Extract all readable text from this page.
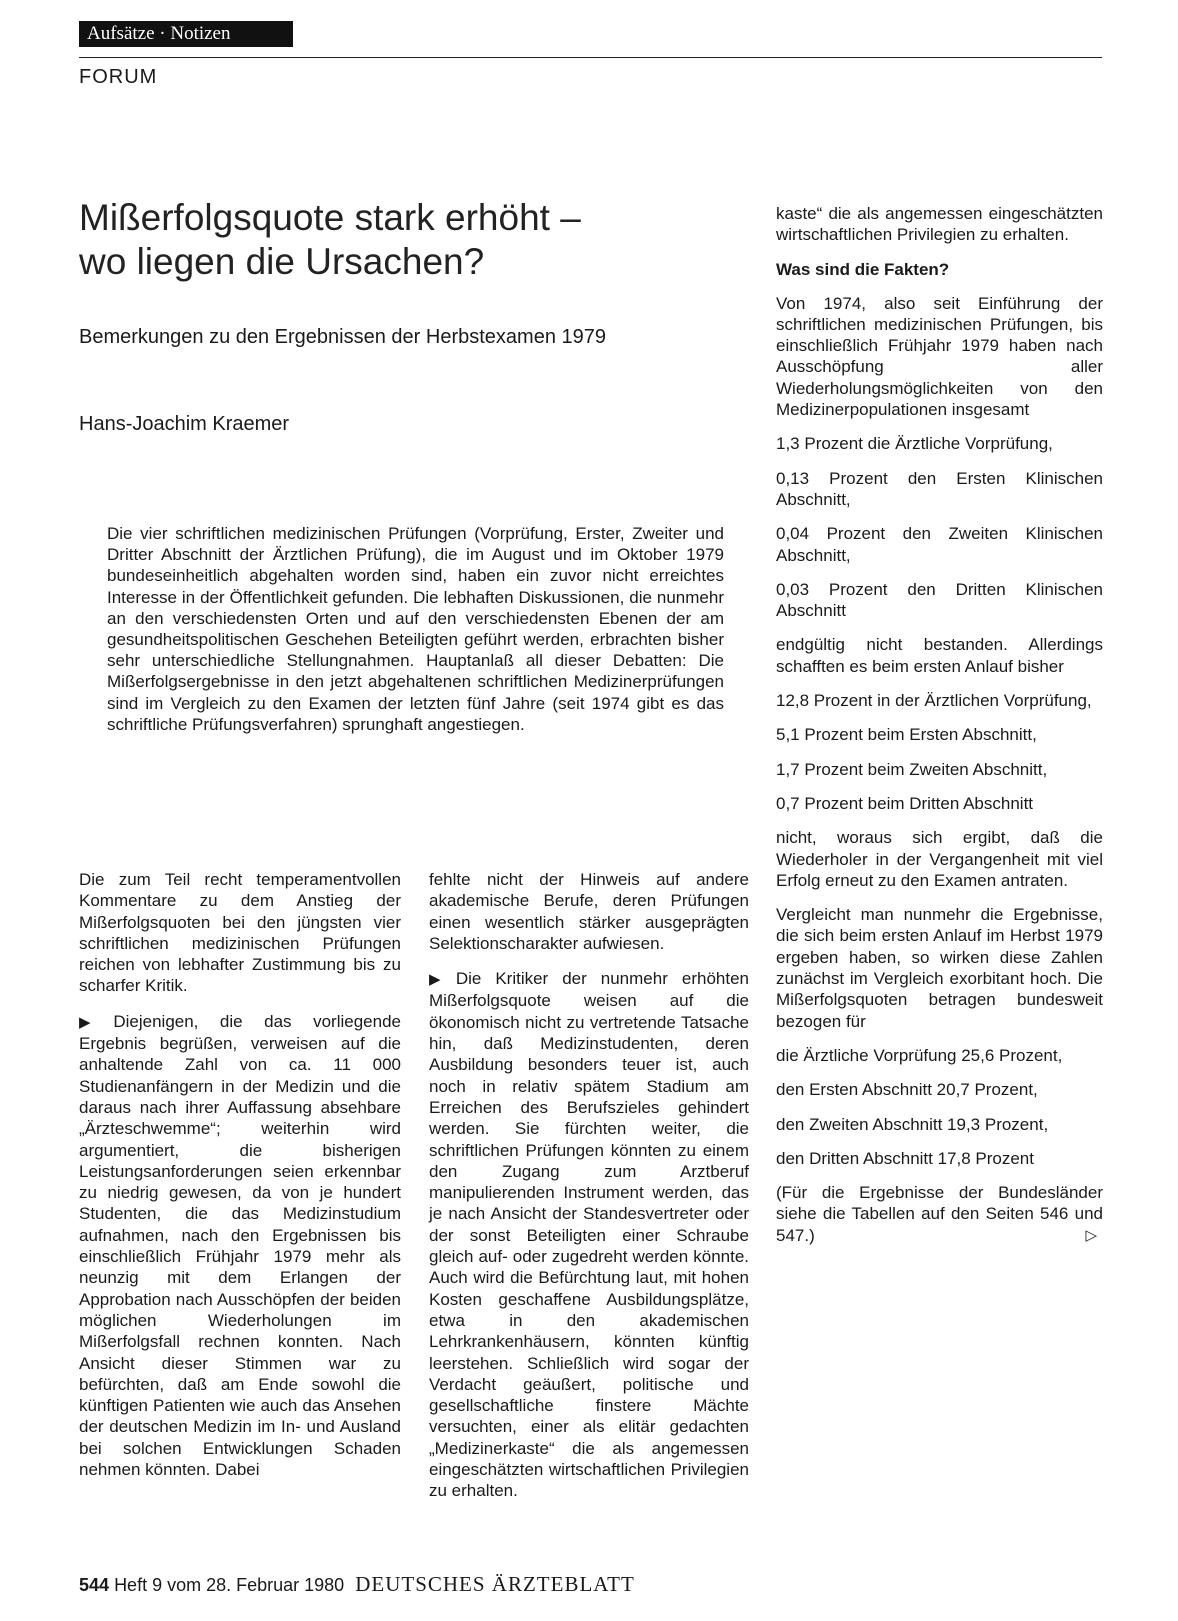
Aufsätze · Notizen
FORUM
Mißerfolgsquote stark erhöht –
wo liegen die Ursachen?
Bemerkungen zu den Ergebnissen der Herbstexamen 1979
Hans-Joachim Kraemer
Die vier schriftlichen medizinischen Prüfungen (Vorprüfung, Erster, Zweiter und Dritter Abschnitt der Ärztlichen Prüfung), die im August und im Oktober 1979 bundeseinheitlich abgehalten worden sind, haben ein zuvor nicht erreichtes Interesse in der Öffentlichkeit gefunden. Die lebhaften Diskussionen, die nunmehr an den verschiedensten Orten und auf den verschiedensten Ebenen der am gesundheitspolitischen Geschehen Beteiligten geführt werden, erbrachten bisher sehr unterschiedliche Stellungnahmen. Hauptanlaß all dieser Debatten: Die Mißerfolgsergebnisse in den jetzt abgehaltenen schriftlichen Medizinerprüfungen sind im Vergleich zu den Examen der letzten fünf Jahre (seit 1974 gibt es das schriftliche Prüfungsverfahren) sprunghaft angestiegen.

Die zum Teil recht temperamentvollen Kommentare zu dem Anstieg der Mißerfolgsquoten bei den jüngsten vier schriftlichen medizinischen Prüfungen reichen von lebhafter Zustimmung bis zu scharfer Kritik.

▶ Diejenigen, die das vorliegende Ergebnis begrüßen, verweisen auf die anhaltende Zahl von ca. 11 000 Studienanfängern in der Medizin und die daraus nach ihrer Auffassung absehbare „Ärzteschwemme“; weiterhin wird argumentiert, die bisherigen Leistungsanforderungen seien erkennbar zu niedrig gewesen, da von je hundert Studenten, die das Medizinstudium aufnahmen, nach den Ergebnissen bis einschließlich Frühjahr 1979 mehr als neunzig mit dem Erlangen der Approbation nach Ausschöpfen der beiden möglichen Wiederholungen im Mißerfolgsfall rechnen konnten. Nach Ansicht dieser Stimmen war zu befürchten, daß am Ende sowohl die künftigen Patienten wie auch das Ansehen der deutschen Medizin im In- und Ausland bei solchen Entwicklungen Schaden nehmen könnten. Dabei

fehlte nicht der Hinweis auf andere akademische Berufe, deren Prüfungen einen wesentlich stärker ausgeprägten Selektionscharakter aufwiesen.

▶ Die Kritiker der nunmehr erhöhten Mißerfolgsquote weisen auf die ökonomisch nicht zu vertretende Tatsache hin, daß Medizinstudenten, deren Ausbildung besonders teuer ist, auch noch in relativ spätem Stadium am Erreichen des Berufszieles gehindert werden. Sie fürchten weiter, die schriftlichen Prüfungen könnten zu einem den Zugang zum Arztberuf manipulierenden Instrument werden, das je nach Ansicht der Standesvertreter oder der sonst Beteiligten einer Schraube gleich auf- oder zugedreht werden könnte. Auch wird die Befürchtung laut, mit hohen Kosten geschaffene Ausbildungsplätze, etwa in den akademischen Lehrkrankenhäusern, könnten künftig leerstehen. Schließlich wird sogar der Verdacht geäußert, politische und gesellschaftliche finstere Mächte versuchten, einer als elitär gedachten „Medizinerkaste“ die als angemessen eingeschätzten wirtschaftlichen Privilegien zu erhalten.

kaste“ die als angemessen eingeschätzten wirtschaftlichen Privilegien zu erhalten.

Was sind die Fakten?

Von 1974, also seit Einführung der schriftlichen medizinischen Prüfungen, bis einschließlich Frühjahr 1979 haben nach Ausschöpfung aller Wiederholungsmöglichkeiten von den Medizinerpopulationen insgesamt

1,3 Prozent die Ärztliche Vorprüfung,

0,13 Prozent den Ersten Klinischen Abschnitt,

0,04 Prozent den Zweiten Klinischen Abschnitt,

0,03 Prozent den Dritten Klinischen Abschnitt

endgültig nicht bestanden. Allerdings schafften es beim ersten Anlauf bisher

12,8 Prozent in der Ärztlichen Vorprüfung,

5,1 Prozent beim Ersten Abschnitt,

1,7 Prozent beim Zweiten Abschnitt,

0,7 Prozent beim Dritten Abschnitt

nicht, woraus sich ergibt, daß die Wiederholer in der Vergangenheit mit viel Erfolg erneut zu den Examen antraten.

Vergleicht man nunmehr die Ergebnisse, die sich beim ersten Anlauf im Herbst 1979 ergeben haben, so wirken diese Zahlen zunächst im Vergleich exorbitant hoch. Die Mißerfolgsquoten betragen bundesweit bezogen für

die Ärztliche Vorprüfung 25,6 Prozent,

den Ersten Abschnitt 20,7 Prozent,

den Zweiten Abschnitt 19,3 Prozent,

den Dritten Abschnitt 17,8 Prozent

(Für die Ergebnisse der Bundesländer siehe die Tabellen auf den Seiten 546 und 547.)	▷

544 Heft 9 vom 28. Februar 1980 DEUTSCHES ÄRZTEBLATT
